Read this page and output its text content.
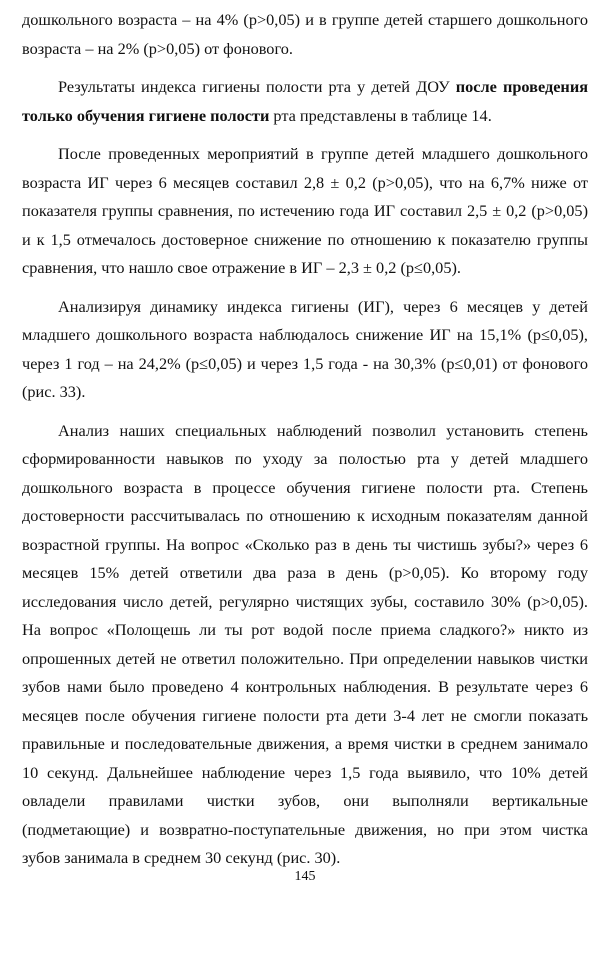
дошкольного возраста – на 4% (р>0,05) и в группе детей старшего дошкольного
возраста – на 2% (р>0,05) от фонового.
Результаты индекса гигиены полости рта у детей ДОУ после проведения
только обучения гигиене полости рта представлены в таблице 14.
После проведенных мероприятий в группе детей младшего дошкольного
возраста ИГ через 6 месяцев составил 2,8 ± 0,2 (р>0,05), что на 6,7% ниже от
показателя группы сравнения, по истечению года ИГ составил 2,5 ± 0,2 (р>0,05)
и к 1,5 отмечалось достоверное снижение по отношению к показателю группы
сравнения, что нашло свое отражение в ИГ – 2,3 ± 0,2 (р≤0,05).
Анализируя динамику индекса гигиены (ИГ), через 6 месяцев у детей
младшего дошкольного возраста наблюдалось снижение ИГ на 15,1% (р≤0,05),
через 1 год – на 24,2% (р≤0,05) и через 1,5 года - на 30,3% (р≤0,01) от фонового
(рис. 33).
Анализ наших специальных наблюдений позволил установить степень
сформированности навыков по уходу за полостью рта у детей младшего
дошкольного возраста в процессе обучения гигиене полости рта. Степень
достоверности рассчитывалась по отношению к исходным показателям данной
возрастной группы. На вопрос «Сколько раз в день ты чистишь зубы?» через 6
месяцев 15% детей ответили два раза в день (р>0,05). Ко второму году
исследования число детей, регулярно чистящих зубы, составило 30% (р>0,05).
На вопрос «Полощешь ли ты рот водой после приема сладкого?» никто из
опрошенных детей не ответил положительно. При определении навыков чистки
зубов нами было проведено 4 контрольных наблюдения. В результате через 6
месяцев после обучения гигиене полости рта дети 3-4 лет не смогли показать
правильные и последовательные движения, а время чистки в среднем занимало
10 секунд. Дальнейшее наблюдение через 1,5 года выявило, что 10% детей
овладели правилами чистки зубов, они выполняли вертикальные
(подметающие) и возвратно-поступательные движения, но при этом чистка
зубов занимала в среднем 30 секунд (рис. 30).
145
